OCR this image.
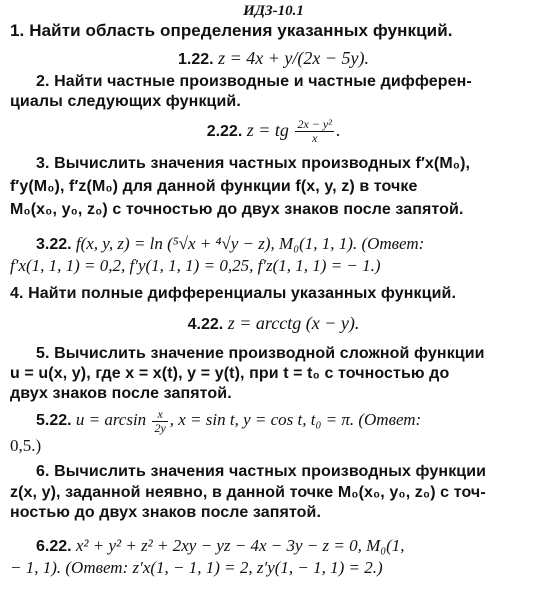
ИДЗ-10.1
1. Найти область определения указанных функций.
1.22. z = 4x + y/(2x − 5y).
2. Найти частные производные и частные дифферен-
циалы следующих функций.
2.22. z = tg $\frac{\text{2x − y²}}{x}$ .
3. Вычислить значения частных производных f′x(M₀),
f′y(M₀), f′z(M₀) для данной функции f(x, y, z) в точке
M₀(x₀, y₀, z₀) с точностью до двух знаков после запятой.
3.22. f(x, y, z) = ln (⁵√x + ⁴√y − z), M₀(1, 1, 1). (Ответ:
f′x(1, 1, 1) = 0,2, f′y(1, 1, 1) = 0,25, f′z(1, 1, 1) = − 1.)
4. Найти полные дифференциалы указанных функций.
4.22. z = arcctg (x − y).
5. Вычислить значение производной сложной функции
u = u(x, y), где x = x(t), y = y(t), при t = t₀ с точностью до
двух знаков после запятой.
5.22. $u = \arcsin \frac{x}{2y}$ , x = sin t, y = cos t, t₀ = π. (Ответ:
0,5.)
6. Вычислить значения частных производных функции
z(x, y), заданной неявно, в данной точке M₀(x₀, y₀, z₀) с точ-
ностью до двух знаков после запятой.
6.22. x² + y² + z² + 2xy − yz − 4x − 3y − z = 0, M₀(1,
− 1, 1). (Ответ: z′x(1, − 1, 1) = 2, z′y(1, − 1, 1) = 2.)
